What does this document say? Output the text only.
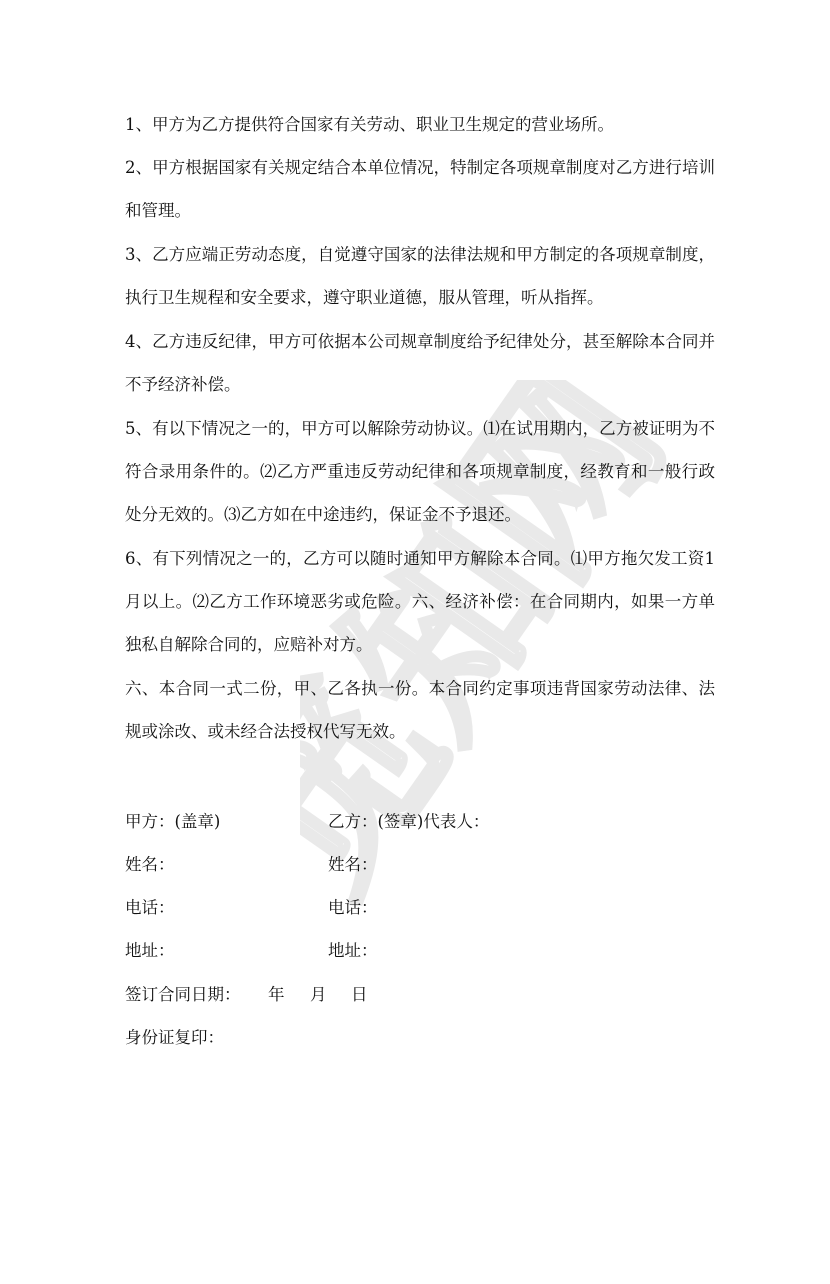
觅知网

1、甲方为乙方提供符合国家有关劳动、职业卫生规定的营业场所。

2、甲方根据国家有关规定结合本单位情况，特制定各项规章制度对乙方进行培训和管理。

3、乙方应端正劳动态度，自觉遵守国家的法律法规和甲方制定的各项规章制度，执行卫生规程和安全要求，遵守职业道德，服从管理，听从指挥。

4、乙方违反纪律，甲方可依据本公司规章制度给予纪律处分，甚至解除本合同并不予经济补偿。

5、有以下情况之一的，甲方可以解除劳动协议。⑴在试用期内，乙方被证明为不符合录用条件的。⑵乙方严重违反劳动纪律和各项规章制度，经教育和一般行政处分无效的。⑶乙方如在中途违约，保证金不予退还。

6、有下列情况之一的，乙方可以随时通知甲方解除本合同。⑴甲方拖欠发工资1月以上。⑵乙方工作环境恶劣或危险。六、经济补偿：在合同期内，如果一方单独私自解除合同的，应赔补对方。

六、本合同一式二份，甲、乙各执一份。本合同约定事项违背国家劳动法律、法规或涂改、或未经合法授权代写无效。

甲方：(盖章)	乙方：(签章)代表人：
姓名：	姓名：
电话：	电话：
地址：	地址：
签订合同日期： 年 月 日
身份证复印：
